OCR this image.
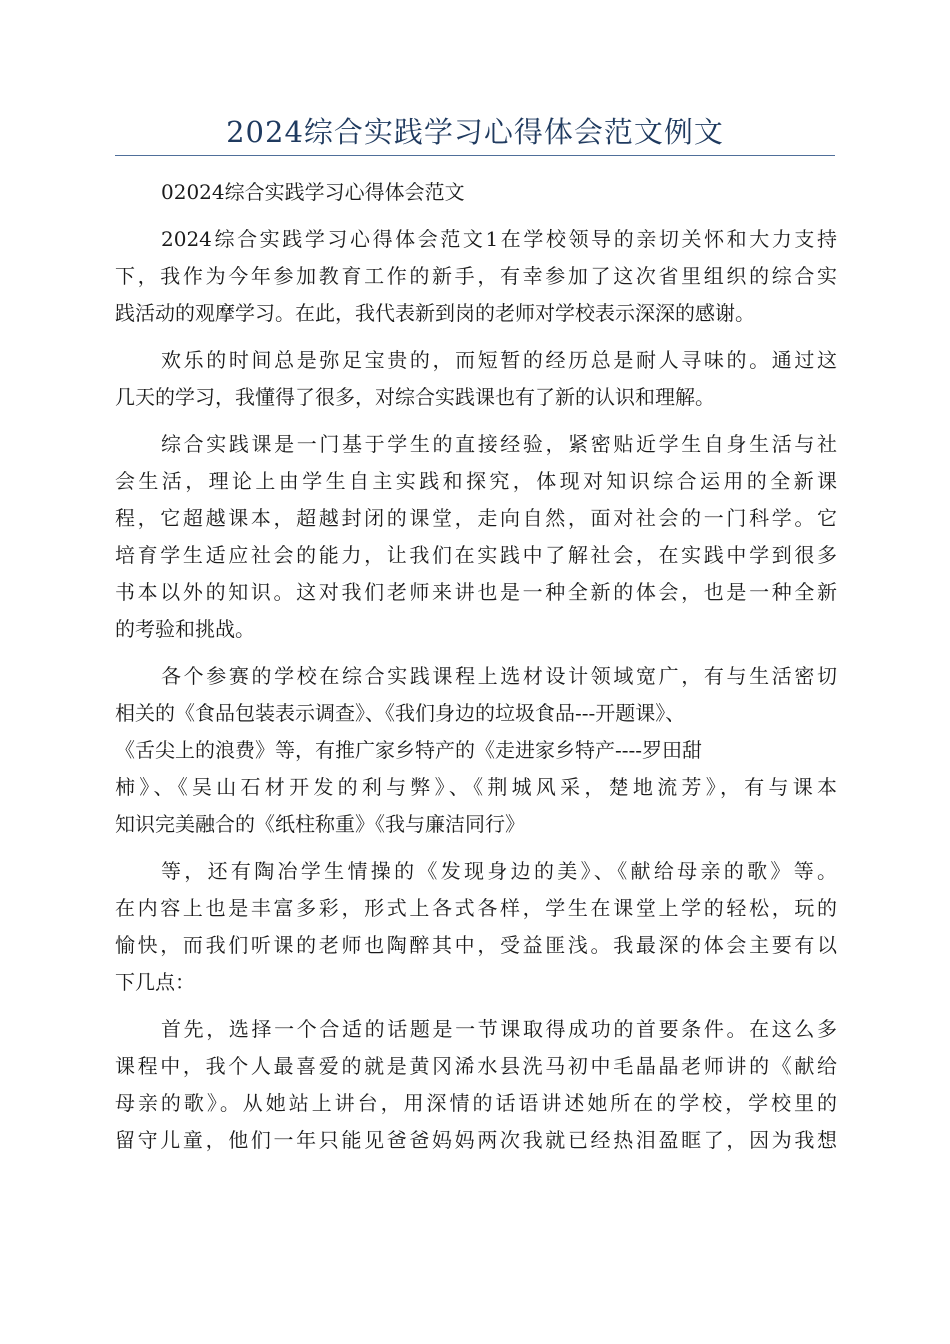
2024综合实践学习心得体会范文例文

02024综合实践学习心得体会范文

2024综合实践学习心得体会范文1在学校领导的亲切关怀和大力支持
下，我作为今年参加教育工作的新手，有幸参加了这次省里组织的综合实
践活动的观摩学习。在此，我代表新到岗的老师对学校表示深深的感谢。

欢乐的时间总是弥足宝贵的，而短暂的经历总是耐人寻味的。通过这
几天的学习，我懂得了很多，对综合实践课也有了新的认识和理解。

综合实践课是一门基于学生的直接经验，紧密贴近学生自身生活与社
会生活，理论上由学生自主实践和探究，体现对知识综合运用的全新课
程，它超越课本，超越封闭的课堂，走向自然，面对社会的一门科学。它
培育学生适应社会的能力，让我们在实践中了解社会，在实践中学到很多
书本以外的知识。这对我们老师来讲也是一种全新的体会，也是一种全新
的考验和挑战。

各个参赛的学校在综合实践课程上选材设计领域宽广，有与生活密切
相关的《食品包装表示调查》、《我们身边的垃圾食品---开题课》、
《舌尖上的浪费》等，有推广家乡特产的《走进家乡特产----罗田甜
柿》、《吴山石材开发的利与弊》、《荆城风采，楚地流芳》，有与课本
知识完美融合的《纸柱称重》《我与廉洁同行》

等，还有陶冶学生情操的《发现身边的美》、《献给母亲的歌》等。
在内容上也是丰富多彩，形式上各式各样，学生在课堂上学的轻松，玩的
愉快，而我们听课的老师也陶醉其中，受益匪浅。我最深的体会主要有以
下几点：

首先，选择一个合适的话题是一节课取得成功的首要条件。在这么多
课程中，我个人最喜爱的就是黄冈浠水县洗马初中毛晶晶老师讲的《献给
母亲的歌》。从她站上讲台，用深情的话语讲述她所在的学校，学校里的
留守儿童，他们一年只能见爸爸妈妈两次我就已经热泪盈眶了，因为我想
